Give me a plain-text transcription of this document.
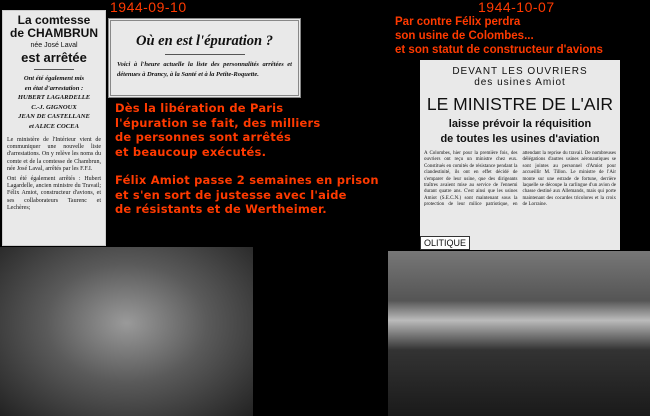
1944-09-10	1944-10-07
La comtesse
de CHAMBRUN
née José Laval
est arrêtée
Ont été également mis
en état d'arrestation :
HUBERT LAGARDELLE
C.-J. GIGNOUX
JEAN DE CASTELLANE
et ALICE COCEA
Le ministère de l'Intérieur vient de communiquer une nouvelle liste d'arrestations. On y relève les noms du comte et de la comtesse de Chambrun, née José Laval, arrêtés par les F.F.I.
Ont été également arrêtés : Hubert Lagardelle, ancien ministre du Travail; Félix Amiot, constructeur d'avions, et ses collaborateurs Taurenc et Lechères;
Où en est l'épuration ?
Voici à l'heure actuelle la liste des personnalités arrêtées et détenues à Drancy, à la Santé et à la Petite-Roquette.
Dès la libération de Paris
l'épuration se fait, des milliers
de personnes sont arrêtés
et beaucoup exécutés.
Félix Amiot passe 2 semaines en prison
et s'en sort de justesse avec l'aide
de résistants et de Wertheimer.
Par contre Félix perdra
son usine de Colombes...
et son statut de constructeur d'avions
DEVANT LES OUVRIERS
des usines Amiot
LE MINISTRE DE L'AIR
laisse prévoir la réquisition
de toutes les usines d'aviation
A Colombes, hier pour la première fois, des ouvriers ont reçu un ministre chez eux. Constitués en comités de résistance pendant la clandestinité, ils ont en effet décidé de s'emparer de leur usine, que des dirigeants traîtres avaient mise au service de l'ennemi durant quatre ans. C'est ainsi que les usines Amiot (S.E.C.N.) sont maintenant sous la protection de leur milice patriotique, en attendant la reprise du travail. De nombreuses délégations d'autres usines aéronautiques se sont jointes au personnel d'Amiot pour accueillir M. Tillon. Le ministre de l'Air monte sur une estrade de fortune, derrière laquelle se découpe la carlingue d'un avion de chasse destiné aux Allemands, mais qui porte maintenant des cocardes tricolores et la croix de Lorraine.
OLITIQUE
